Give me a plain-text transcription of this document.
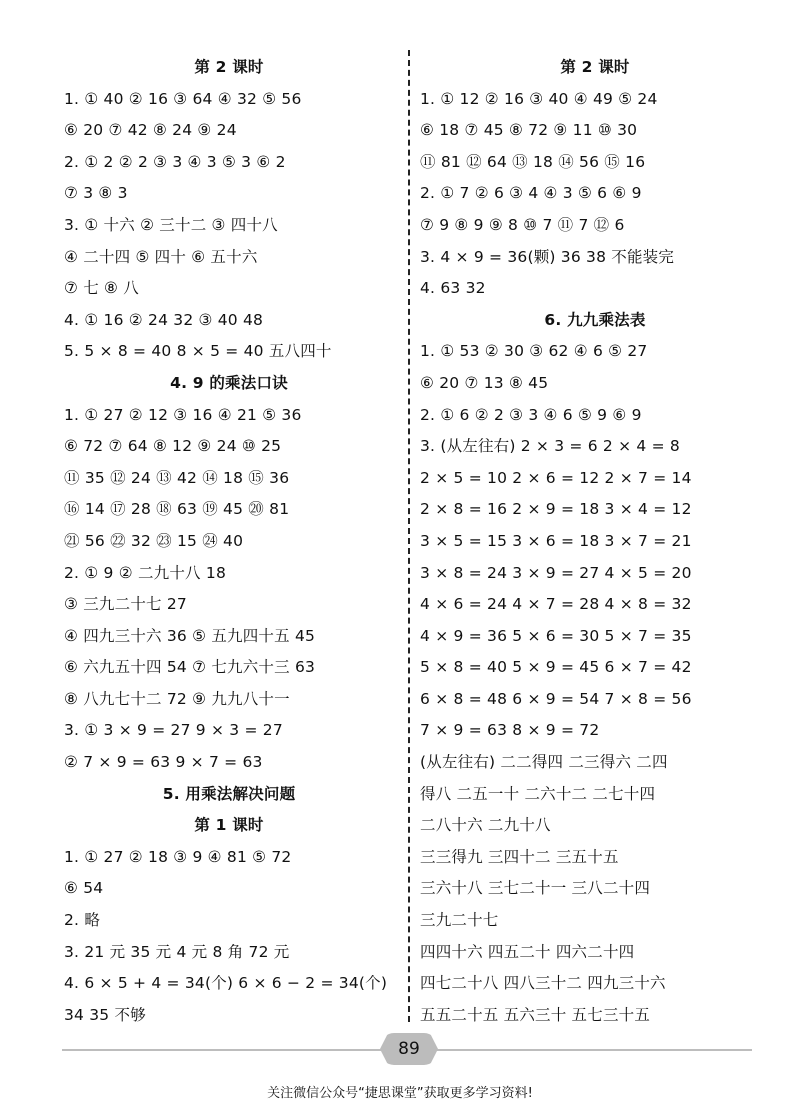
第 2 课时
1. ① 40 ② 16 ③ 64 ④ 32 ⑤ 56
⑥ 20 ⑦ 42 ⑧ 24 ⑨ 24
2. ① 2 ② 2 ③ 3 ④ 3 ⑤ 3 ⑥ 2
⑦ 3 ⑧ 3
3. ① 十六 ② 三十二 ③ 四十八
④ 二十四 ⑤ 四十 ⑥ 五十六
⑦ 七 ⑧ 八
4. ① 16 ② 24 32 ③ 40 48
5. 5 × 8 = 40 8 × 5 = 40 五八四十
4. 9 的乘法口诀
1. ① 27 ② 12 ③ 16 ④ 21 ⑤ 36
⑥ 72 ⑦ 64 ⑧ 12 ⑨ 24 ⑩ 25
⑪ 35 ⑫ 24 ⑬ 42 ⑭ 18 ⑮ 36
⑯ 14 ⑰ 28 ⑱ 63 ⑲ 45 ⑳ 81
㉑ 56 ㉒ 32 ㉓ 15 ㉔ 40
2. ① 9 ② 二九十八 18
③ 三九二十七 27
④ 四九三十六 36 ⑤ 五九四十五 45
⑥ 六九五十四 54 ⑦ 七九六十三 63
⑧ 八九七十二 72 ⑨ 九九八十一
3. ① 3 × 9 = 27 9 × 3 = 27
② 7 × 9 = 63 9 × 7 = 63
5. 用乘法解决问题
第 1 课时
1. ① 27 ② 18 ③ 9 ④ 81 ⑤ 72
⑥ 54
2. 略
3. 21 元 35 元 4 元 8 角 72 元
4. 6 × 5 + 4 = 34(个) 6 × 6 − 2 = 34(个)
34 35 不够
第 2 课时
1. ① 12 ② 16 ③ 40 ④ 49 ⑤ 24
⑥ 18 ⑦ 45 ⑧ 72 ⑨ 11 ⑩ 30
⑪ 81 ⑫ 64 ⑬ 18 ⑭ 56 ⑮ 16
2. ① 7 ② 6 ③ 4 ④ 3 ⑤ 6 ⑥ 9
⑦ 9 ⑧ 9 ⑨ 8 ⑩ 7 ⑪ 7 ⑫ 6
3. 4 × 9 = 36(颗) 36 38 不能装完
4. 63 32
6. 九九乘法表
1. ① 53 ② 30 ③ 62 ④ 6 ⑤ 27
⑥ 20 ⑦ 13 ⑧ 45
2. ① 6 ② 2 ③ 3 ④ 6 ⑤ 9 ⑥ 9
3. (从左往右) 2 × 3 = 6 2 × 4 = 8
2 × 5 = 10 2 × 6 = 12 2 × 7 = 14
2 × 8 = 16 2 × 9 = 18 3 × 4 = 12
3 × 5 = 15 3 × 6 = 18 3 × 7 = 21
3 × 8 = 24 3 × 9 = 27 4 × 5 = 20
4 × 6 = 24 4 × 7 = 28 4 × 8 = 32
4 × 9 = 36 5 × 6 = 30 5 × 7 = 35
5 × 8 = 40 5 × 9 = 45 6 × 7 = 42
6 × 8 = 48 6 × 9 = 54 7 × 8 = 56
7 × 9 = 63 8 × 9 = 72
(从左往右) 二二得四 二三得六 二四
得八 二五一十 二六十二 二七十四
二八十六 二九十八
三三得九 三四十二 三五十五
三六十八 三七二十一 三八二十四
三九二十七
四四十六 四五二十 四六二十四
四七二十八 四八三十二 四九三十六
五五二十五 五六三十 五七三十五
89
关注微信公众号“捷思课堂”获取更多学习资料!
